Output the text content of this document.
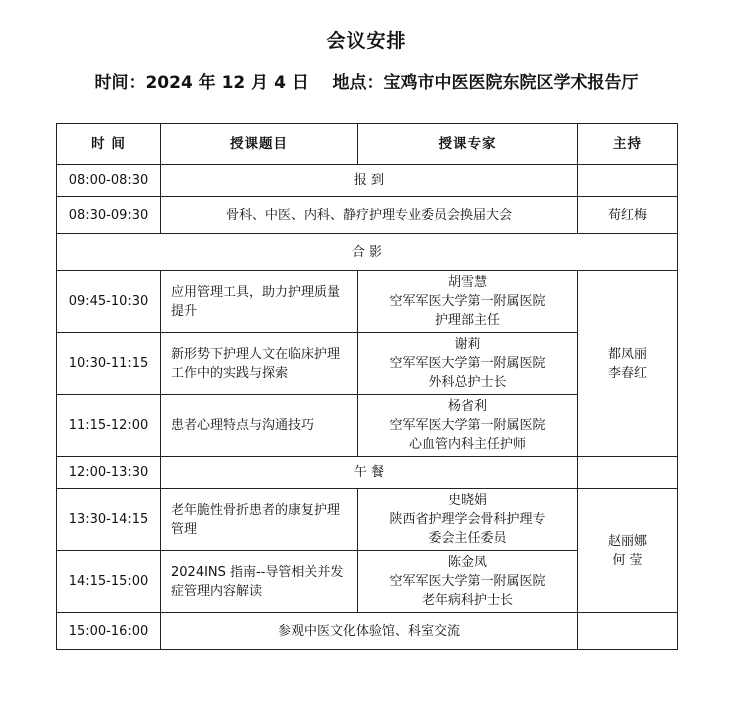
会议安排
时间：2024 年 12 月 4 日    地点：宝鸡市中医医院东院区学术报告厅
时 间	授课题目	授课专家	主持
08:00-08:30	报 到		
08:30-09:30	骨科、中医、内科、静疗护理专业委员会换届大会		荀红梅
合 影			
09:45-10:30	应用管理工具，助力护理质量提升	胡雪慧
空军军医大学第一附属医院
护理部主任	都凤丽
李春红

10:30-11:15	新形势下护理人文在临床护理工作中的实践与探索	谢莉
空军军医大学第一附属医院
外科总护士长	

11:15-12:00	患者心理特点与沟通技巧	杨省利
空军军医大学第一附属医院
心血管内科主任护师	

12:00-13:30	午 餐		
13:30-14:15	老年脆性骨折患者的康复护理管理	史晓娟
陕西省护理学会骨科护理专
委会主任委员	赵丽娜
何 莹

14:15-15:00	2024INS 指南--导管相关并发症管理内容解读	陈金凤
空军军医大学第一附属医院
老年病科护士长	

15:00-16:00	参观中医文化体验馆、科室交流		
